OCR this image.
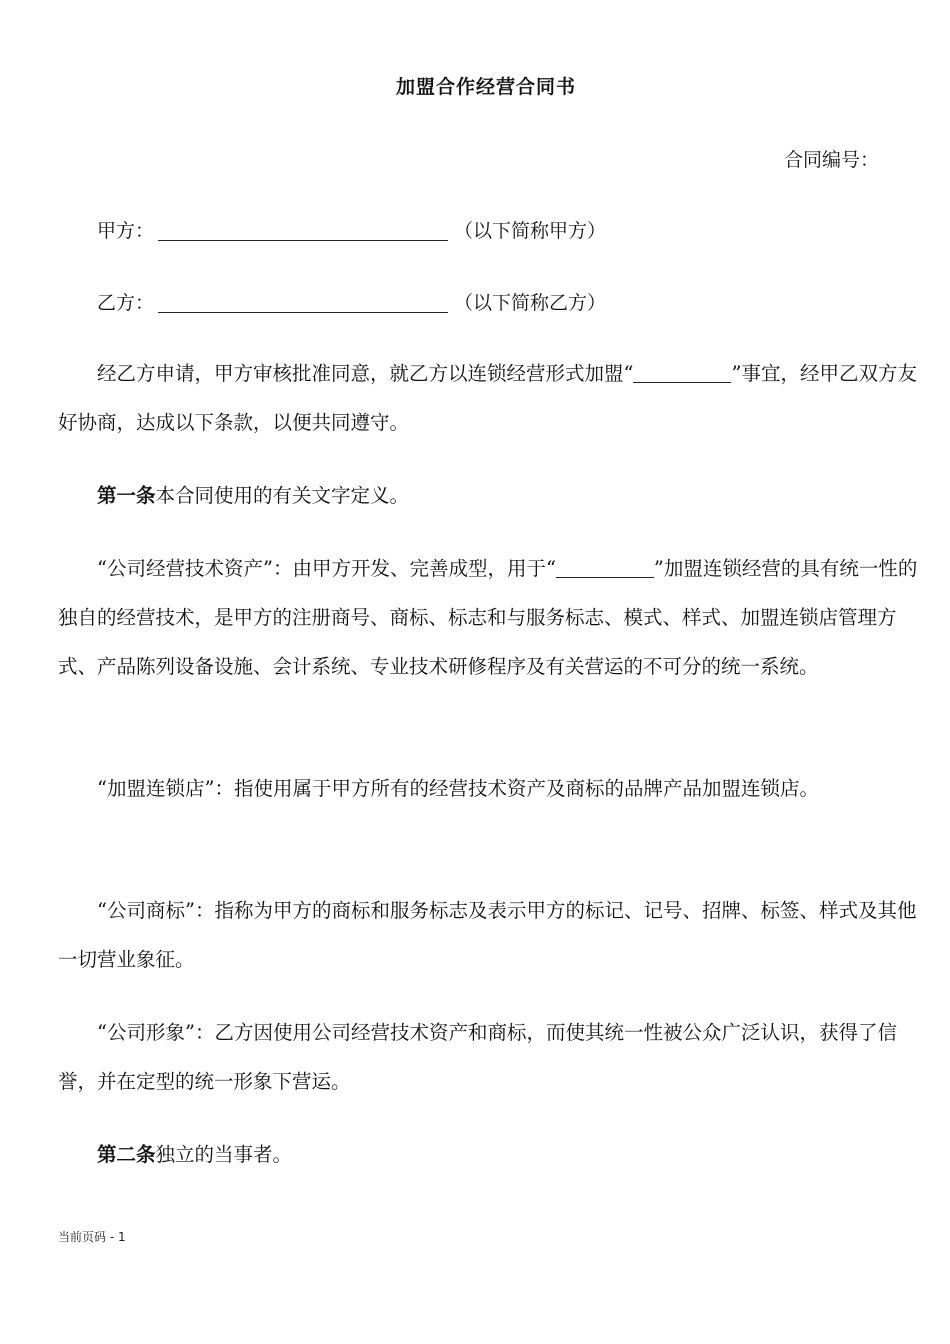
加盟合作经营合同书
合同编号：
甲方：	（以下简称甲方）
乙方：	（以下简称乙方）
经乙方申请，甲方审核批准同意，就乙方以连锁经营形式加盟“	”事宜，经甲乙双方友好协商，达成以下条款，以便共同遵守。
第一条本合同使用的有关文字定义。
“公司经营技术资产”：由甲方开发、完善成型，用于“	”加盟连锁经营的具有统一性的独自的经营技术，是甲方的注册商号、商标、标志和与服务标志、模式、样式、加盟连锁店管理方式、产品陈列设备设施、会计系统、专业技术研修程序及有关营运的不可分的统一系统。
“加盟连锁店”：指使用属于甲方所有的经营技术资产及商标的品牌产品加盟连锁店。
“公司商标”：指称为甲方的商标和服务标志及表示甲方的标记、记号、招牌、标签、样式及其他一切营业象征。
“公司形象”：乙方因使用公司经营技术资产和商标，而使其统一性被公众广泛认识，获得了信誉，并在定型的统一形象下营运。
第二条独立的当事者。
当前页码 - 1
